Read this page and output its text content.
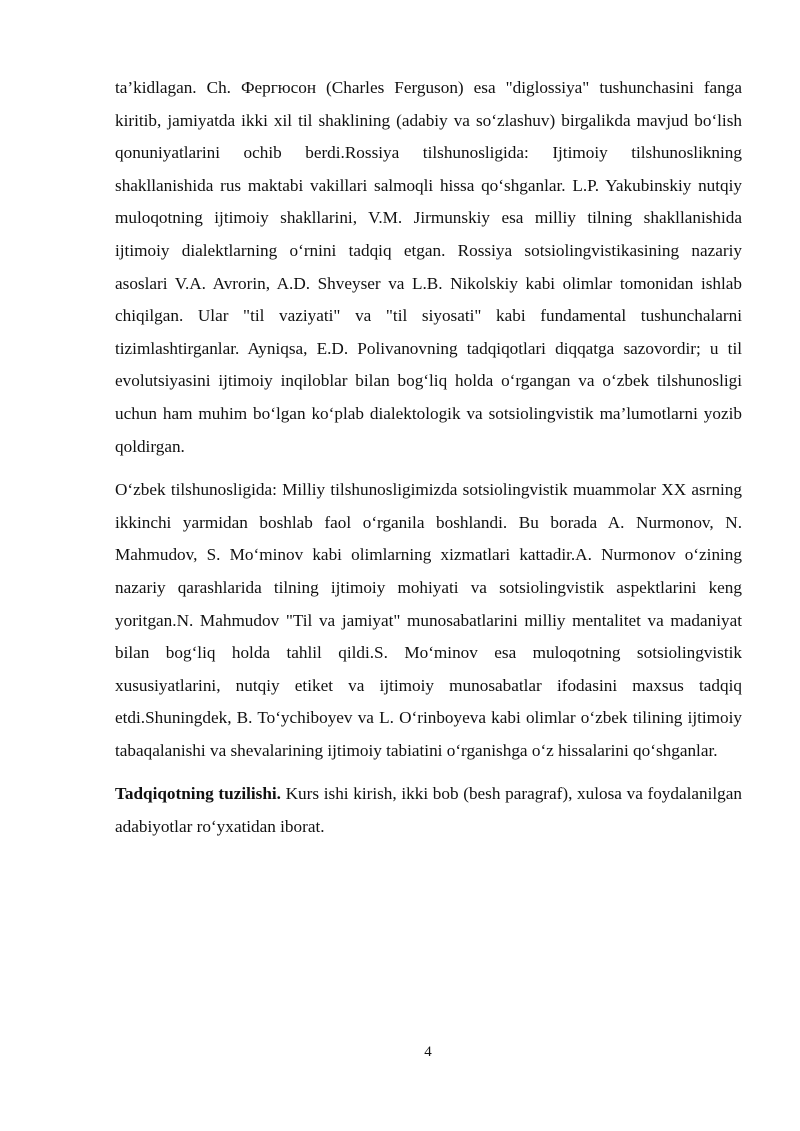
ta’kidlagan. Ch. Фергюсон (Charles Ferguson) esa "diglossiya" tushunchasini fanga kiritib, jamiyatda ikki xil til shaklining (adabiy va so‘zlashuv) birgalikda mavjud bo‘lish qonuniyatlarini ochib berdi.Rossiya tilshunosligida: Ijtimoiy tilshunoslikning shakllanishida rus maktabi vakillari salmoqli hissa qo‘shganlar. L.P. Yakubinskiy nutqiy muloqotning ijtimoiy shakllarini, V.M. Jirmunskiy esa milliy tilning shakllanishida ijtimoiy dialektlarning o‘rnini tadqiq etgan. Rossiya sotsiolingvistikasining nazariy asoslari V.A. Avrorin, A.D. Shveyser va L.B. Nikolskiy kabi olimlar tomonidan ishlab chiqilgan. Ular "til vaziyati" va "til siyosati" kabi fundamental tushunchalarni tizimlashtirganlar. Ayniqsa, E.D. Polivanovning tadqiqotlari diqqatga sazovordir; u til evolutsiyasini ijtimoiy inqiloblar bilan bog‘liq holda o‘rgangan va o‘zbek tilshunosligi uchun ham muhim bo‘lgan ko‘plab dialektologik va sotsiolingvistik ma’lumotlarni yozib qoldirgan.

O‘zbek tilshunosligida: Milliy tilshunosligimizda sotsiolingvistik muammolar XX asrning ikkinchi yarmidan boshlab faol o‘rganila boshlandi. Bu borada A. Nurmonov, N. Mahmudov, S. Mo‘minov kabi olimlarning xizmatlari kattadir.A. Nurmonov o‘zining nazariy qarashlarida tilning ijtimoiy mohiyati va sotsiolingvistik aspektlarini keng yoritgan.N. Mahmudov "Til va jamiyat" munosabatlarini milliy mentalitet va madaniyat bilan bog‘liq holda tahlil qildi.S. Mo‘minov esa muloqotning sotsiolingvistik xususiyatlarini, nutqiy etiket va ijtimoiy munosabatlar ifodasini maxsus tadqiq etdi.Shuningdek, B. To‘ychiboyev va L. O‘rinboyeva kabi olimlar o‘zbek tilining ijtimoiy tabaqalanishi va shevalarining ijtimoiy tabiatini o‘rganishga o‘z hissalarini qo‘shganlar.

Tadqiqotning tuzilishi. Kurs ishi kirish, ikki bob (besh paragraf), xulosa va foydalanilgan adabiyotlar ro‘yxatidan iborat.

4
